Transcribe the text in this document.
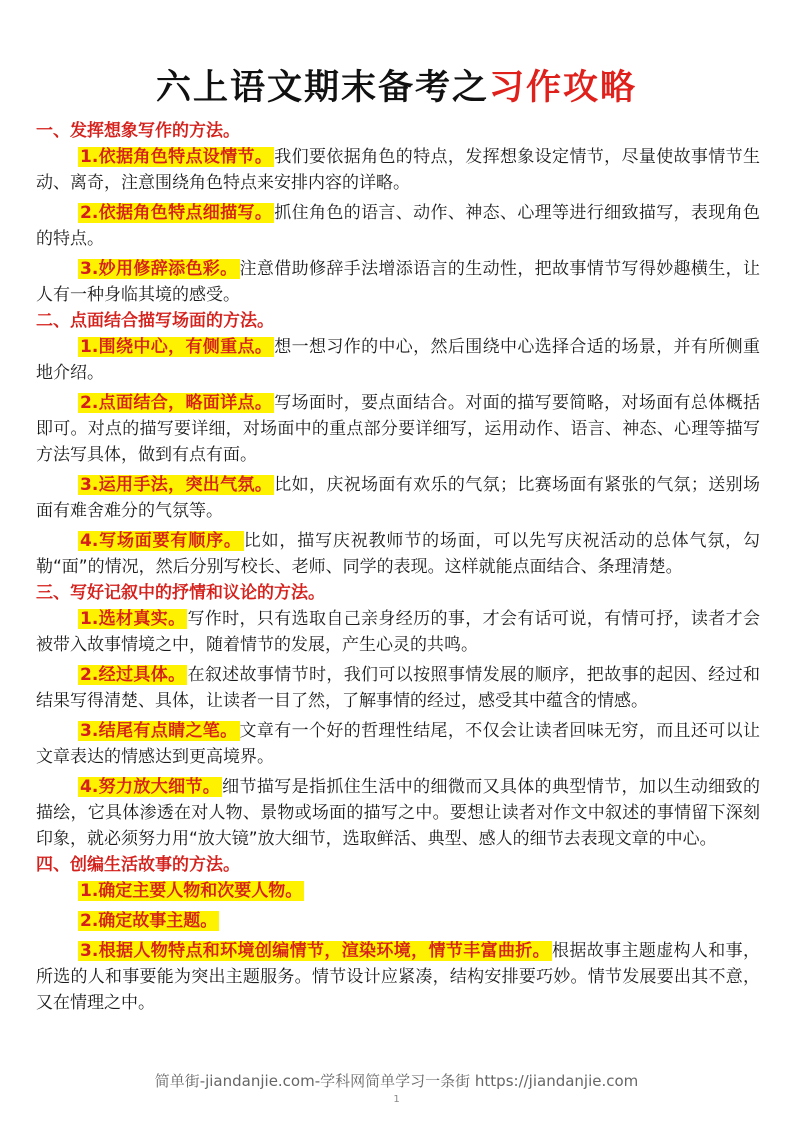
六上语文期末备考之习作攻略

一、发挥想象写作的方法。

1.依据角色特点设情节。 我们要依据角色的特点，发挥想象设定情节，尽量使故事情节生动、离奇，注意围绕角色特点来安排内容的详略。

2.依据角色特点细描写。 抓住角色的语言、动作、神态、心理等进行细致描写，表现角色的特点。

3.妙用修辞添色彩。 注意借助修辞手法增添语言的生动性，把故事情节写得妙趣横生，让人有一种身临其境的感受。

二、点面结合描写场面的方法。

1.围绕中心，有侧重点。 想一想习作的中心，然后围绕中心选择合适的场景，并有所侧重地介绍。

2.点面结合，略面详点。 写场面时，要点面结合。对面的描写要简略，对场面有总体概括即可。对点的描写要详细，对场面中的重点部分要详细写，运用动作、语言、神态、心理等描写方法写具体，做到有点有面。

3.运用手法，突出气氛。 比如，庆祝场面有欢乐的气氛；比赛场面有紧张的气氛；送别场面有难舍难分的气氛等。

4.写场面要有顺序。 比如，描写庆祝教师节的场面，可以先写庆祝活动的总体气氛，勾勒“面”的情况，然后分别写校长、老师、同学的表现。这样就能点面结合、条理清楚。

三、写好记叙中的抒情和议论的方法。

1.选材真实。 写作时，只有选取自己亲身经历的事，才会有话可说，有情可抒，读者才会被带入故事情境之中，随着情节的发展，产生心灵的共鸣。

2.经过具体。 在叙述故事情节时，我们可以按照事情发展的顺序，把故事的起因、经过和结果写得清楚、具体，让读者一目了然，了解事情的经过，感受其中蕴含的情感。

3.结尾有点睛之笔。 文章有一个好的哲理性结尾，不仅会让读者回味无穷，而且还可以让文章表达的情感达到更高境界。

4.努力放大细节。 细节描写是指抓住生活中的细微而又具体的典型情节，加以生动细致的描绘，它具体渗透在对人物、景物或场面的描写之中。要想让读者对作文中叙述的事情留下深刻印象，就必须努力用“放大镜”放大细节，选取鲜活、典型、感人的细节去表现文章的中心。

四、创编生活故事的方法。

1.确定主要人物和次要人物。

2.确定故事主题。

3.根据人物特点和环境创编情节，渲染环境，情节丰富曲折。 根据故事主题虚构人和事，所选的人和事要能为突出主题服务。情节设计应紧凑，结构安排要巧妙。情节发展要出其不意，又在情理之中。

简单街-jiandanjie.com-学科网简单学习一条街 https://jiandanjie.com
1
